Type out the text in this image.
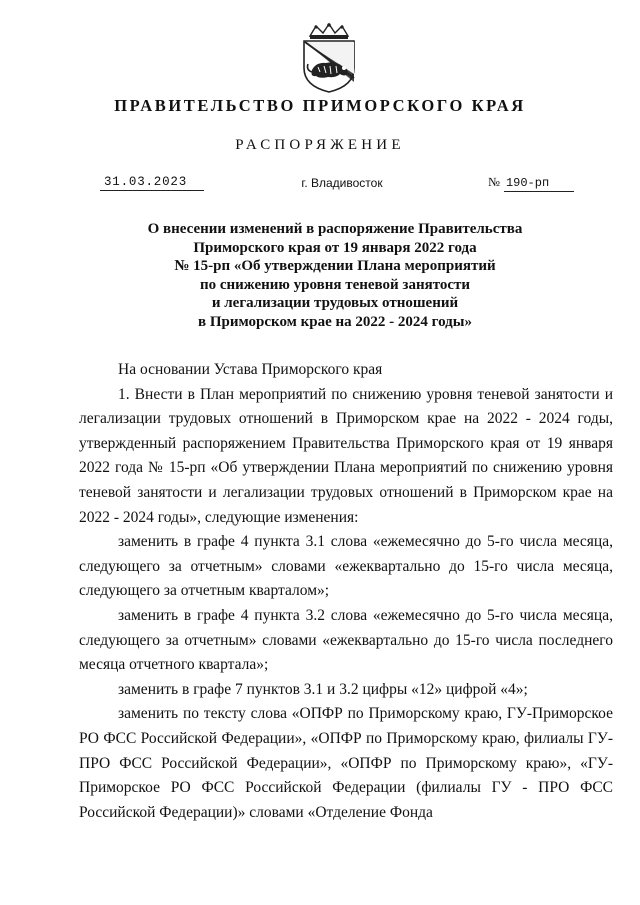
ПРАВИТЕЛЬСТВО ПРИМОРСКОГО КРАЯ
РАСПОРЯЖЕНИЕ
31.03.2023	г. Владивосток	№ 190-рп
О внесении изменений в распоряжение Правительства
Приморского края от 19 января 2022 года
№ 15-рп «Об утверждении Плана мероприятий
по снижению уровня теневой занятости
и легализации трудовых отношений
в Приморском крае на 2022 - 2024 годы»

На основании Устава Приморского края

1. Внести в План мероприятий по снижению уровня теневой занятости и легализации трудовых отношений в Приморском крае на 2022 - 2024 годы, утвержденный распоряжением Правительства Приморского края от 19 января 2022 года № 15-рп «Об утверждении Плана мероприятий по снижению уровня теневой занятости и легализации трудовых отношений в Приморском крае на 2022 - 2024 годы», следующие изменения:

заменить в графе 4 пункта 3.1 слова «ежемесячно до 5-го числа месяца, следующего за отчетным» словами «ежеквартально до 15-го числа месяца, следующего за отчетным кварталом»;

заменить в графе 4 пункта 3.2 слова «ежемесячно до 5-го числа месяца, следующего за отчетным» словами «ежеквартально до 15-го числа последнего месяца отчетного квартала»;

заменить в графе 7 пунктов 3.1 и 3.2 цифры «12» цифрой «4»;

заменить по тексту слова «ОПФР по Приморскому краю, ГУ-Приморское РО ФСС Российской Федерации», «ОПФР по Приморскому краю, филиалы ГУ-ПРО ФСС Российской Федерации», «ОПФР по Приморскому краю», «ГУ-Приморское РО ФСС Российской Федерации (филиалы ГУ - ПРО ФСС Российской Федерации)» словами «Отделение Фонда
